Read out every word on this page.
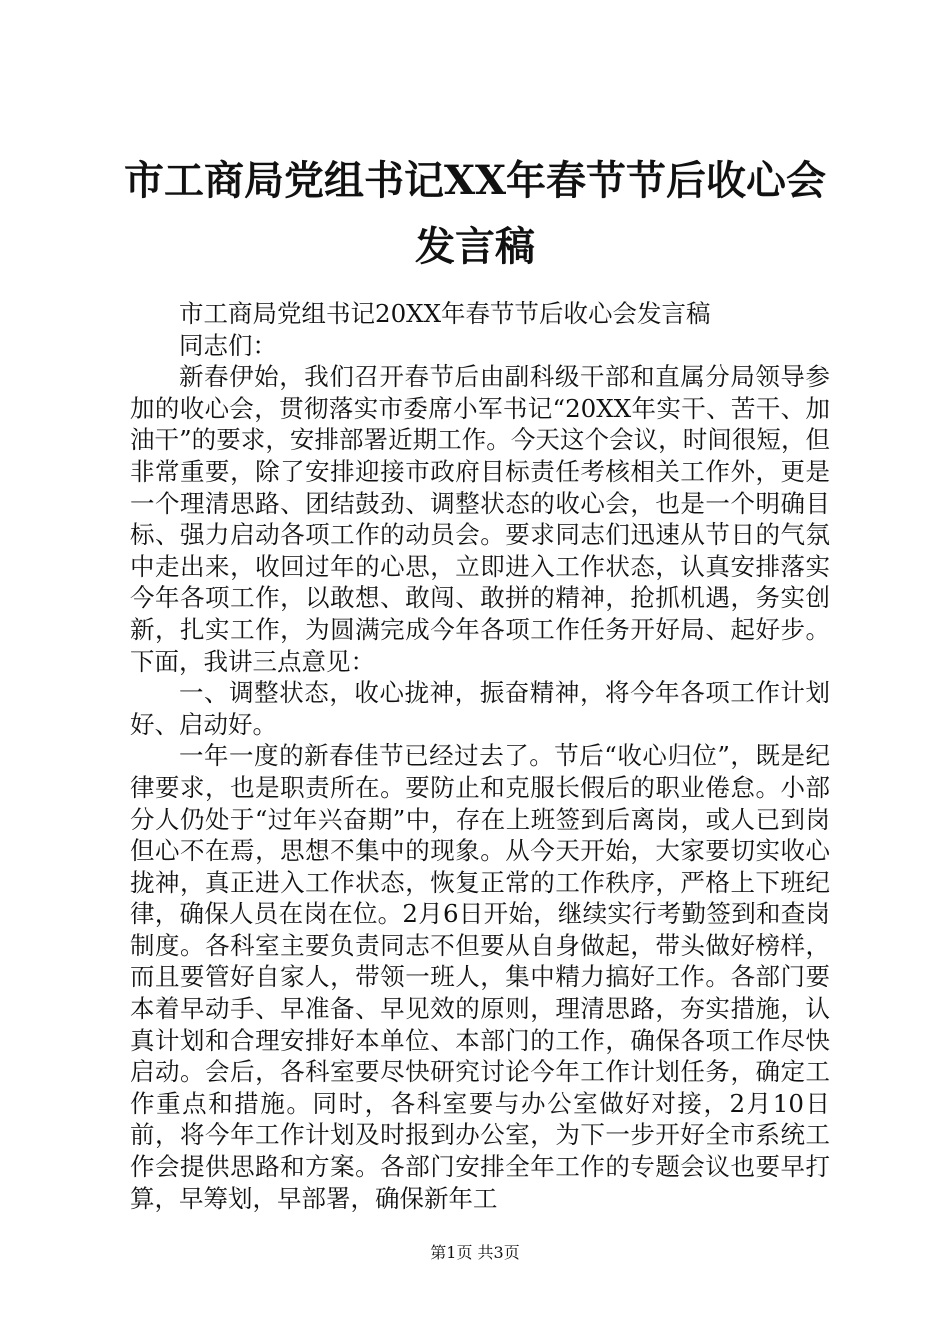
市工商局党组书记XX年春节节后收心会发言稿

市工商局党组书记20XX年春节节后收心会发言稿

同志们：

新春伊始，我们召开春节后由副科级干部和直属分局领导参加的收心会，贯彻落实市委席小军书记“20XX年实干、苦干、加油干”的要求，安排部署近期工作。今天这个会议，时间很短，但非常重要，除了安排迎接市政府目标责任考核相关工作外，更是一个理清思路、团结鼓劲、调整状态的收心会，也是一个明确目标、强力启动各项工作的动员会。要求同志们迅速从节日的气氛中走出来，收回过年的心思，立即进入工作状态，认真安排落实今年各项工作，以敢想、敢闯、敢拼的精神，抢抓机遇，务实创新，扎实工作，为圆满完成今年各项工作任务开好局、起好步。下面，我讲三点意见：

一、调整状态，收心拢神，振奋精神，将今年各项工作计划好、启动好。

一年一度的新春佳节已经过去了。节后“收心归位”，既是纪律要求，也是职责所在。要防止和克服长假后的职业倦怠。小部分人仍处于“过年兴奋期”中，存在上班签到后离岗，或人已到岗但心不在焉，思想不集中的现象。从今天开始，大家要切实收心拢神，真正进入工作状态，恢复正常的工作秩序，严格上下班纪律，确保人员在岗在位。2月6日开始，继续实行考勤签到和查岗制度。各科室主要负责同志不但要从自身做起，带头做好榜样，而且要管好自家人，带领一班人，集中精力搞好工作。各部门要本着早动手、早准备、早见效的原则，理清思路，夯实措施，认真计划和合理安排好本单位、本部门的工作，确保各项工作尽快启动。会后，各科室要尽快研究讨论今年工作计划任务，确定工作重点和措施。同时，各科室要与办公室做好对接，2月10日前，将今年工作计划及时报到办公室，为下一步开好全市系统工作会提供思路和方案。各部门安排全年工作的专题会议也要早打算，早筹划，早部署，确保新年工

第1页 共3页
